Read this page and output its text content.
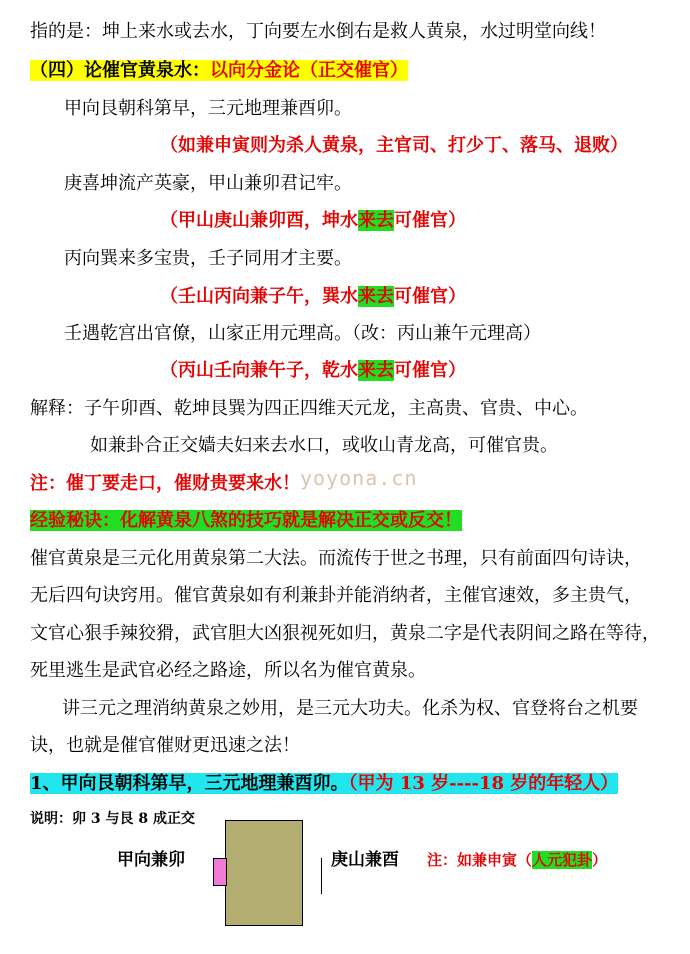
指的是：坤上来水或去水，丁向要左水倒右是救人黄泉，水过明堂向线！
（四）论催官黄泉水：以向分金论（正交催官）
甲向艮朝科第早，三元地理兼酉卯。
（如兼申寅则为杀人黄泉，主官司、打少丁、落马、退败）
庚喜坤流产英豪，甲山兼卯君记牢。
（甲山庚山兼卯酉，坤水来去可催官）
丙向巽来多宝贵，壬子同用才主要。
（壬山丙向兼子午，巽水来去可催官）
壬遇乾宫出官僚，山家正用元理高。（改：丙山兼午元理高）
（丙山壬向兼午子，乾水来去可催官）
解释：子午卯酉、乾坤艮巽为四正四维天元龙，主高贵、官贵、中心。
如兼卦合正交嫱夫妇来去水口，或收山青龙高，可催官贵。
注：催丁要走口，催财贵要来水！ yoyona.cn
经验秘诀：化解黄泉八煞的技巧就是解决正交或反交！
催官黄泉是三元化用黄泉第二大法。而流传于世之书理，只有前面四句诗诀，
无后四句诀窍用。催官黄泉如有利兼卦并能消纳者，主催官速效，多主贵气，
文官心狠手辣狡猾，武官胆大凶狠视死如归，黄泉二字是代表阴间之路在等待，
死里逃生是武官必经之路途，所以名为催官黄泉。
讲三元之理消纳黄泉之妙用，是三元大功夫。化杀为权、官登将台之机要
诀，也就是催官催财更迅速之法！
1、甲向艮朝科第早，三元地理兼酉卯。（甲为 13 岁----18 岁的年轻人）
说明：卯 3 与艮 8 成正交
甲向兼卯	庚山兼酉 注：如兼申寅（人元犯卦）
